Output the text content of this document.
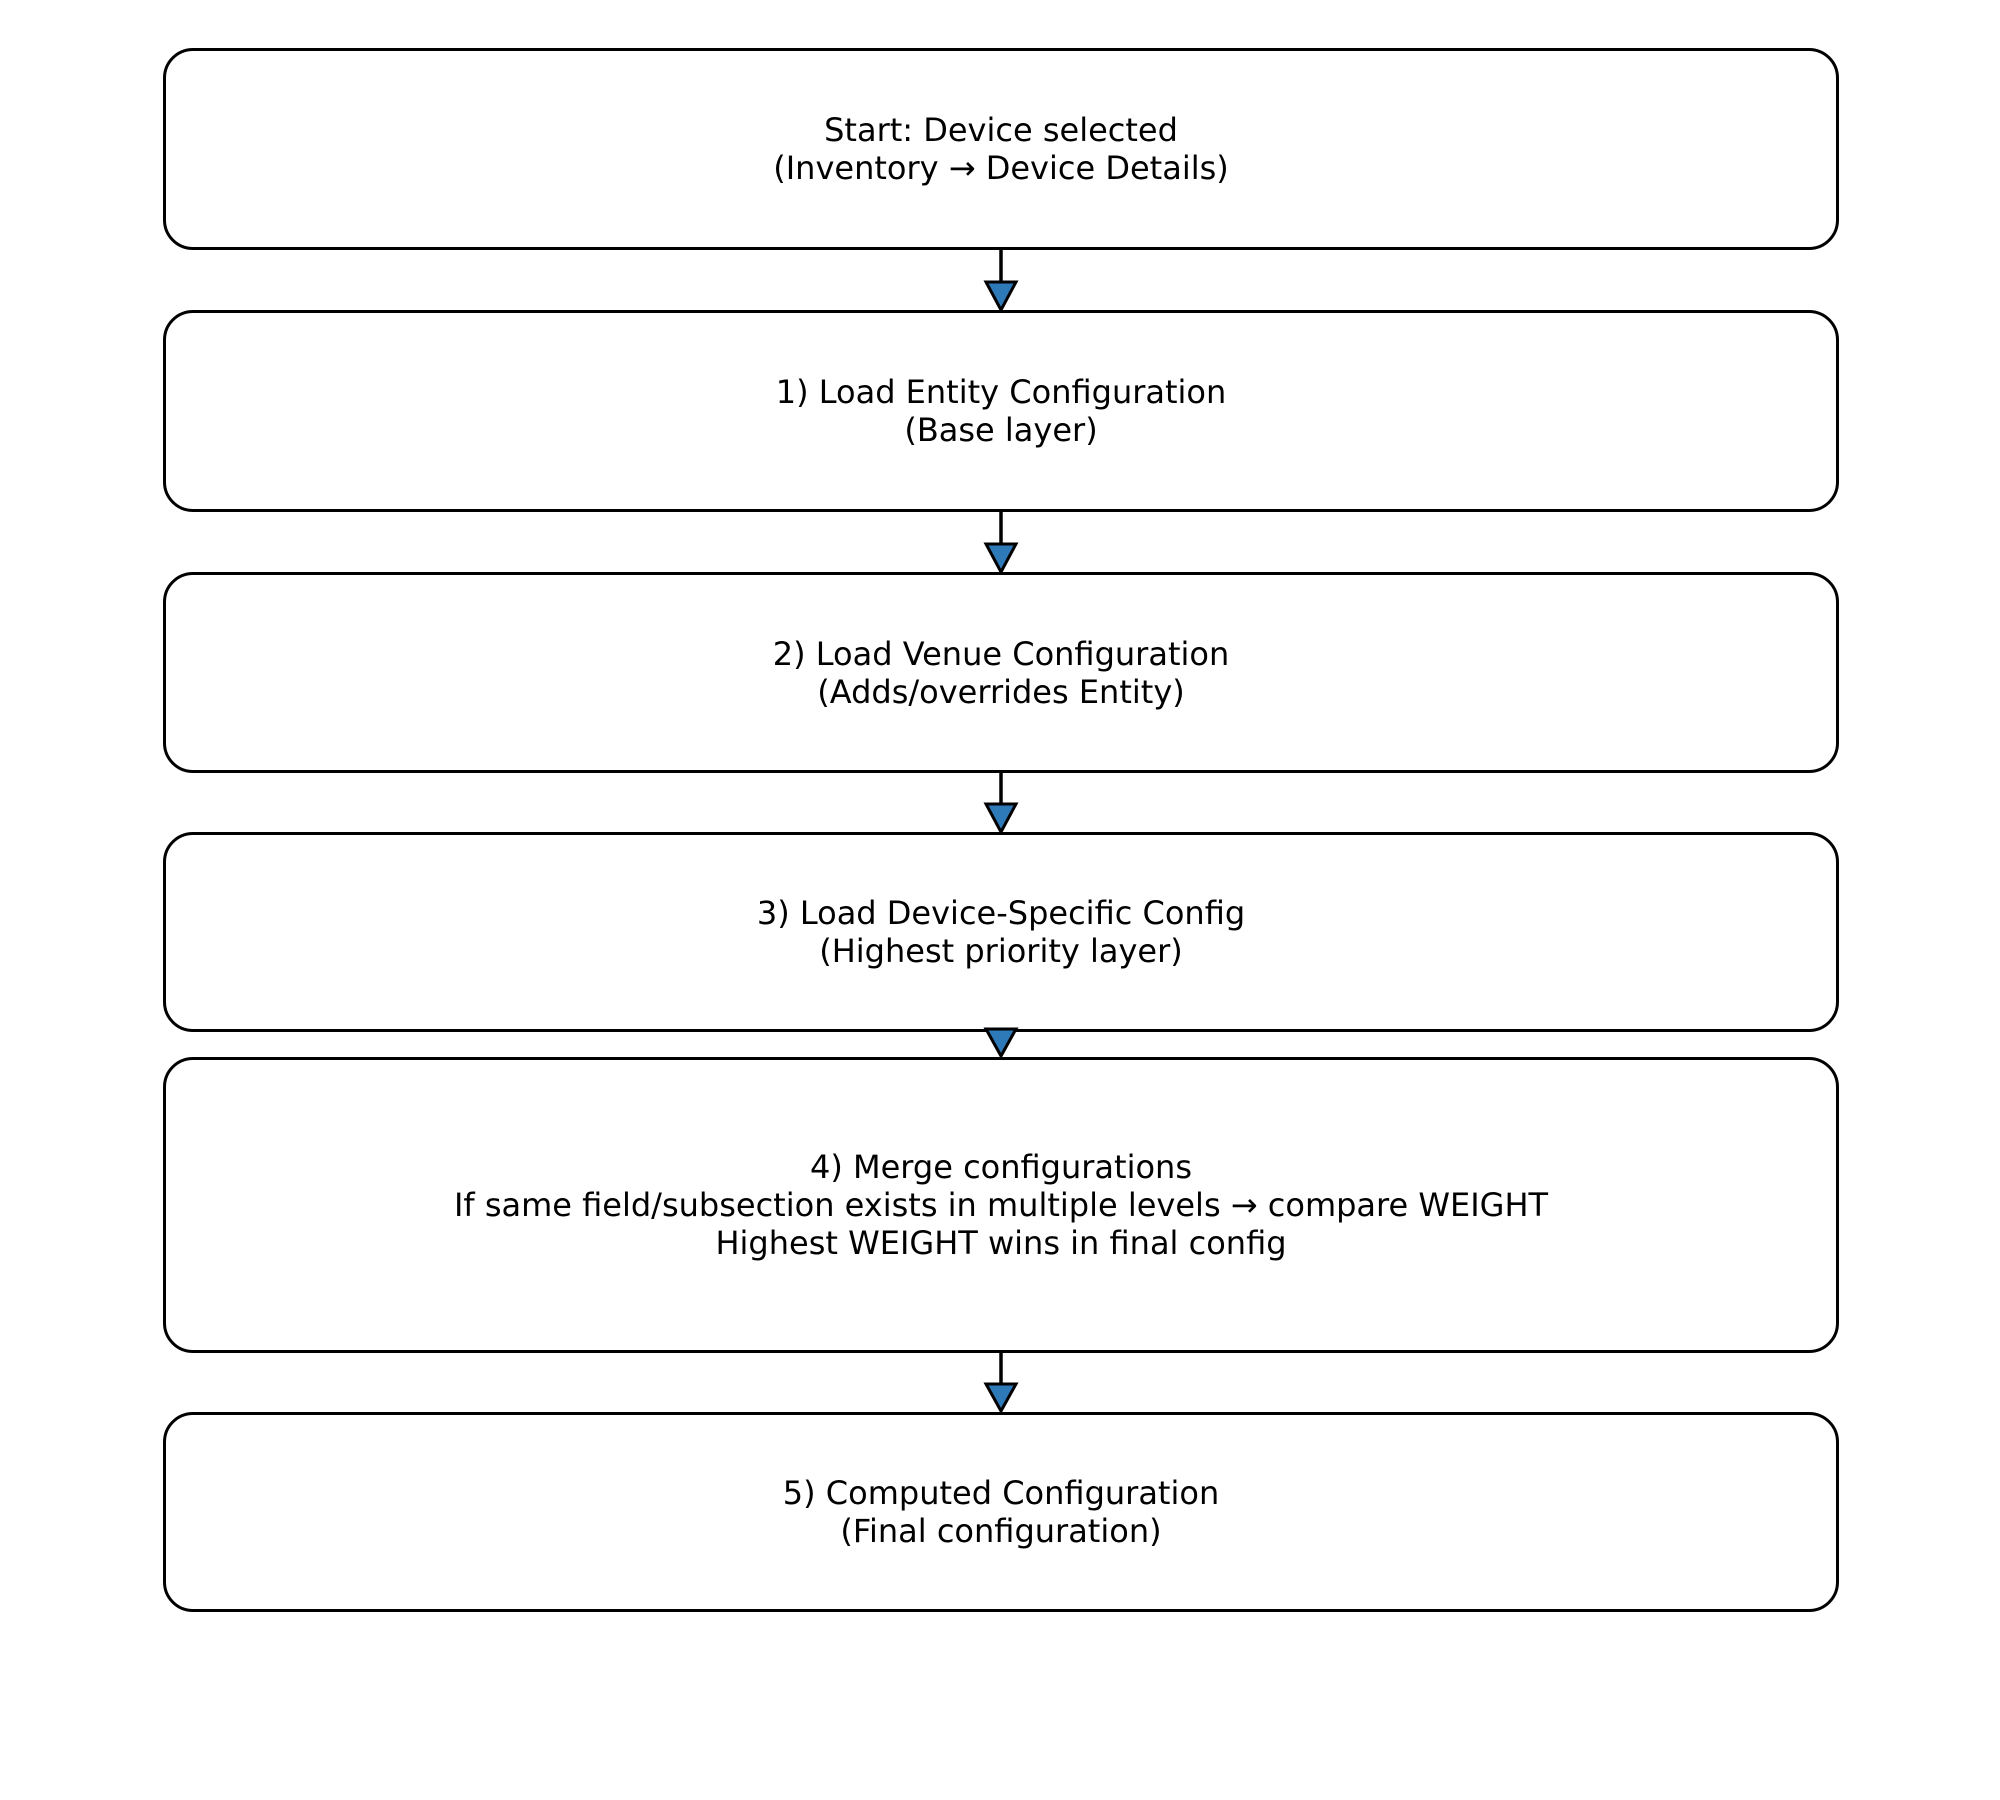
Start: Device selected
(Inventory → Device Details)
1) Load Entity Configuration
(Base layer)
2) Load Venue Configuration
(Adds/overrides Entity)
3) Load Device-Specific Config
(Highest priority layer)
4) Merge configurations
If same field/subsection exists in multiple levels → compare WEIGHT
Highest WEIGHT wins in final config
5) Computed Configuration
(Final configuration)
